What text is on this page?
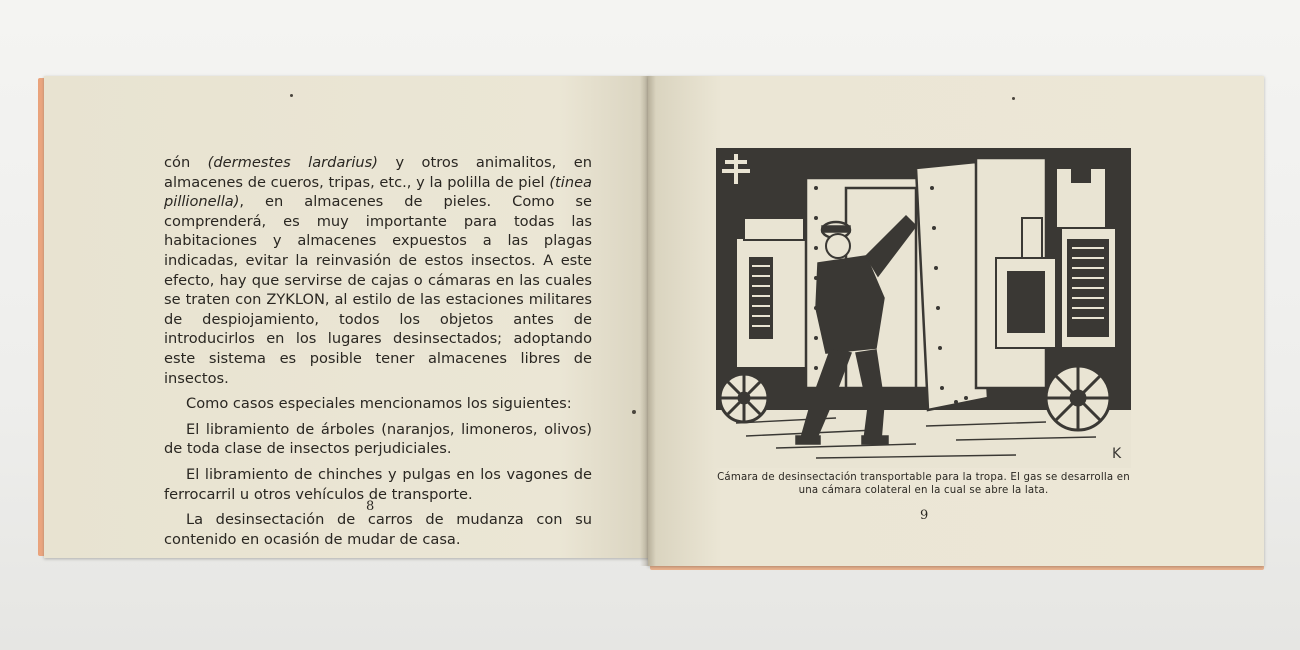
cón (dermestes lardarius) y otros animalitos, en almacenes de cueros, tripas, etc., y la polilla de piel (tinea pillionella), en almacenes de pieles. Como se comprenderá, es muy importante para todas las habitaciones y almacenes expuestos a las plagas indicadas, evitar la reinvasión de estos insectos. A este efecto, hay que servirse de cajas o cámaras en las cuales se traten con ZYKLON, al estilo de las estaciones militares de despiojamiento, todos los objetos antes de introducirlos en los lugares desinsectados; adoptando este sistema es posible tener almacenes libres de insectos.

Como casos especiales mencionamos los siguientes:

El libramiento de árboles (naranjos, limoneros, olivos) de toda clase de insectos perjudiciales.

El libramiento de chinches y pulgas en los vagones de ferrocarril u otros vehículos de transporte.

La desinsectación de carros de mudanza con su contenido en ocasión de mudar de casa.

8
K
Cámara de desinsectación transportable para la tropa. El gas se desarrolla en
una cámara colateral en la cual se abre la lata.
9
